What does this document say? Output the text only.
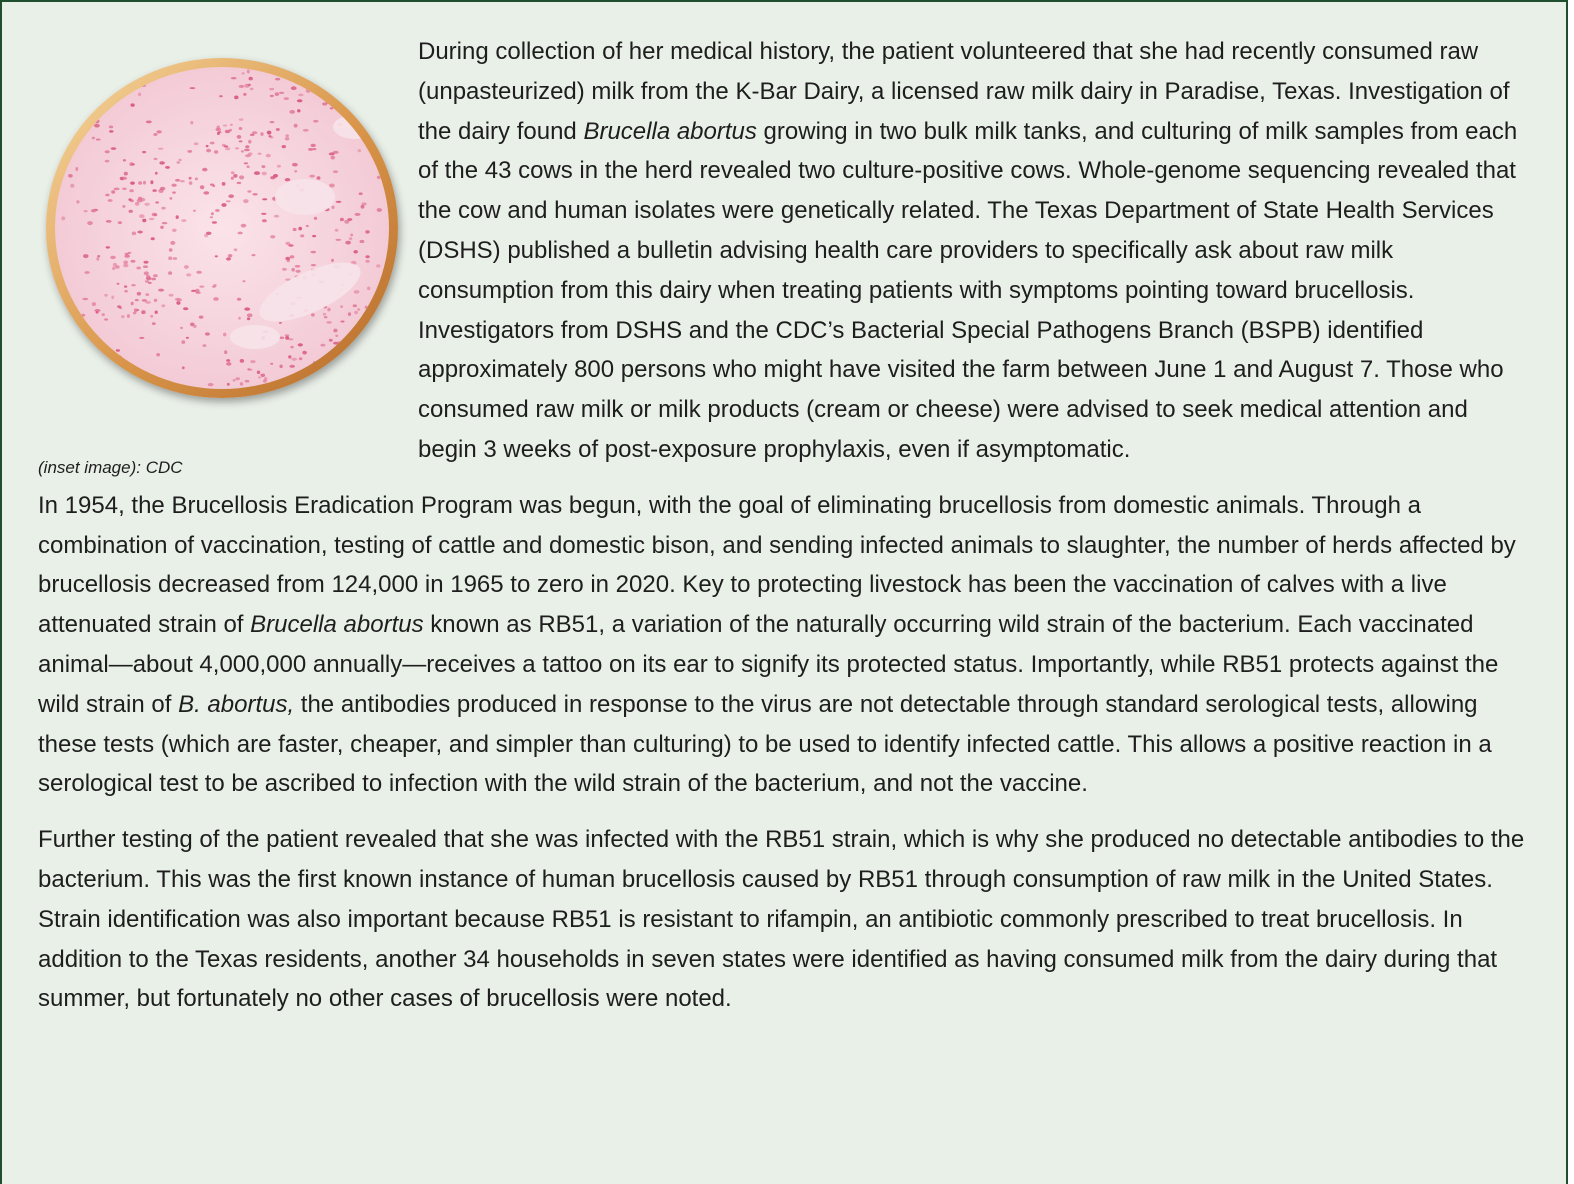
(inset image): CDC

During collection of her medical history, the patient volunteered that she had recently consumed raw (unpasteurized) milk from the K-Bar Dairy, a licensed raw milk dairy in Paradise, Texas. Investigation of the dairy found Brucella abortus growing in two bulk milk tanks, and culturing of milk samples from each of the 43 cows in the herd revealed two culture-positive cows. Whole-genome sequencing revealed that the cow and human isolates were genetically related. The Texas Department of State Health Services (DSHS) published a bulletin advising health care providers to specifically ask about raw milk consumption from this dairy when treating patients with symptoms pointing toward brucellosis. Investigators from DSHS and the CDC’s Bacterial Special Pathogens Branch (BSPB) identified approximately 800 persons who might have visited the farm between June 1 and August 7. Those who consumed raw milk or milk products (cream or cheese) were advised to seek medical attention and begin 3 weeks of post-exposure prophylaxis, even if asymptomatic.

In 1954, the Brucellosis Eradication Program was begun, with the goal of eliminating brucellosis from domestic animals. Through a combination of vaccination, testing of cattle and domestic bison, and sending infected animals to slaughter, the number of herds affected by brucellosis decreased from 124,000 in 1965 to zero in 2020. Key to protecting livestock has been the vaccination of calves with a live attenuated strain of Brucella abortus known as RB51, a variation of the naturally occurring wild strain of the bacterium. Each vaccinated animal—about 4,000,000 annually—receives a tattoo on its ear to signify its protected status. Importantly, while RB51 protects against the wild strain of B. abortus, the antibodies produced in response to the virus are not detectable through standard serological tests, allowing these tests (which are faster, cheaper, and simpler than culturing) to be used to identify infected cattle. This allows a positive reaction in a serological test to be ascribed to infection with the wild strain of the bacterium, and not the vaccine.

Further testing of the patient revealed that she was infected with the RB51 strain, which is why she produced no detectable antibodies to the bacterium. This was the first known instance of human brucellosis caused by RB51 through consumption of raw milk in the United States. Strain identification was also important because RB51 is resistant to rifampin, an antibiotic commonly prescribed to treat brucellosis. In addition to the Texas residents, another 34 households in seven states were identified as having consumed milk from the dairy during that summer, but fortunately no other cases of brucellosis were noted.
